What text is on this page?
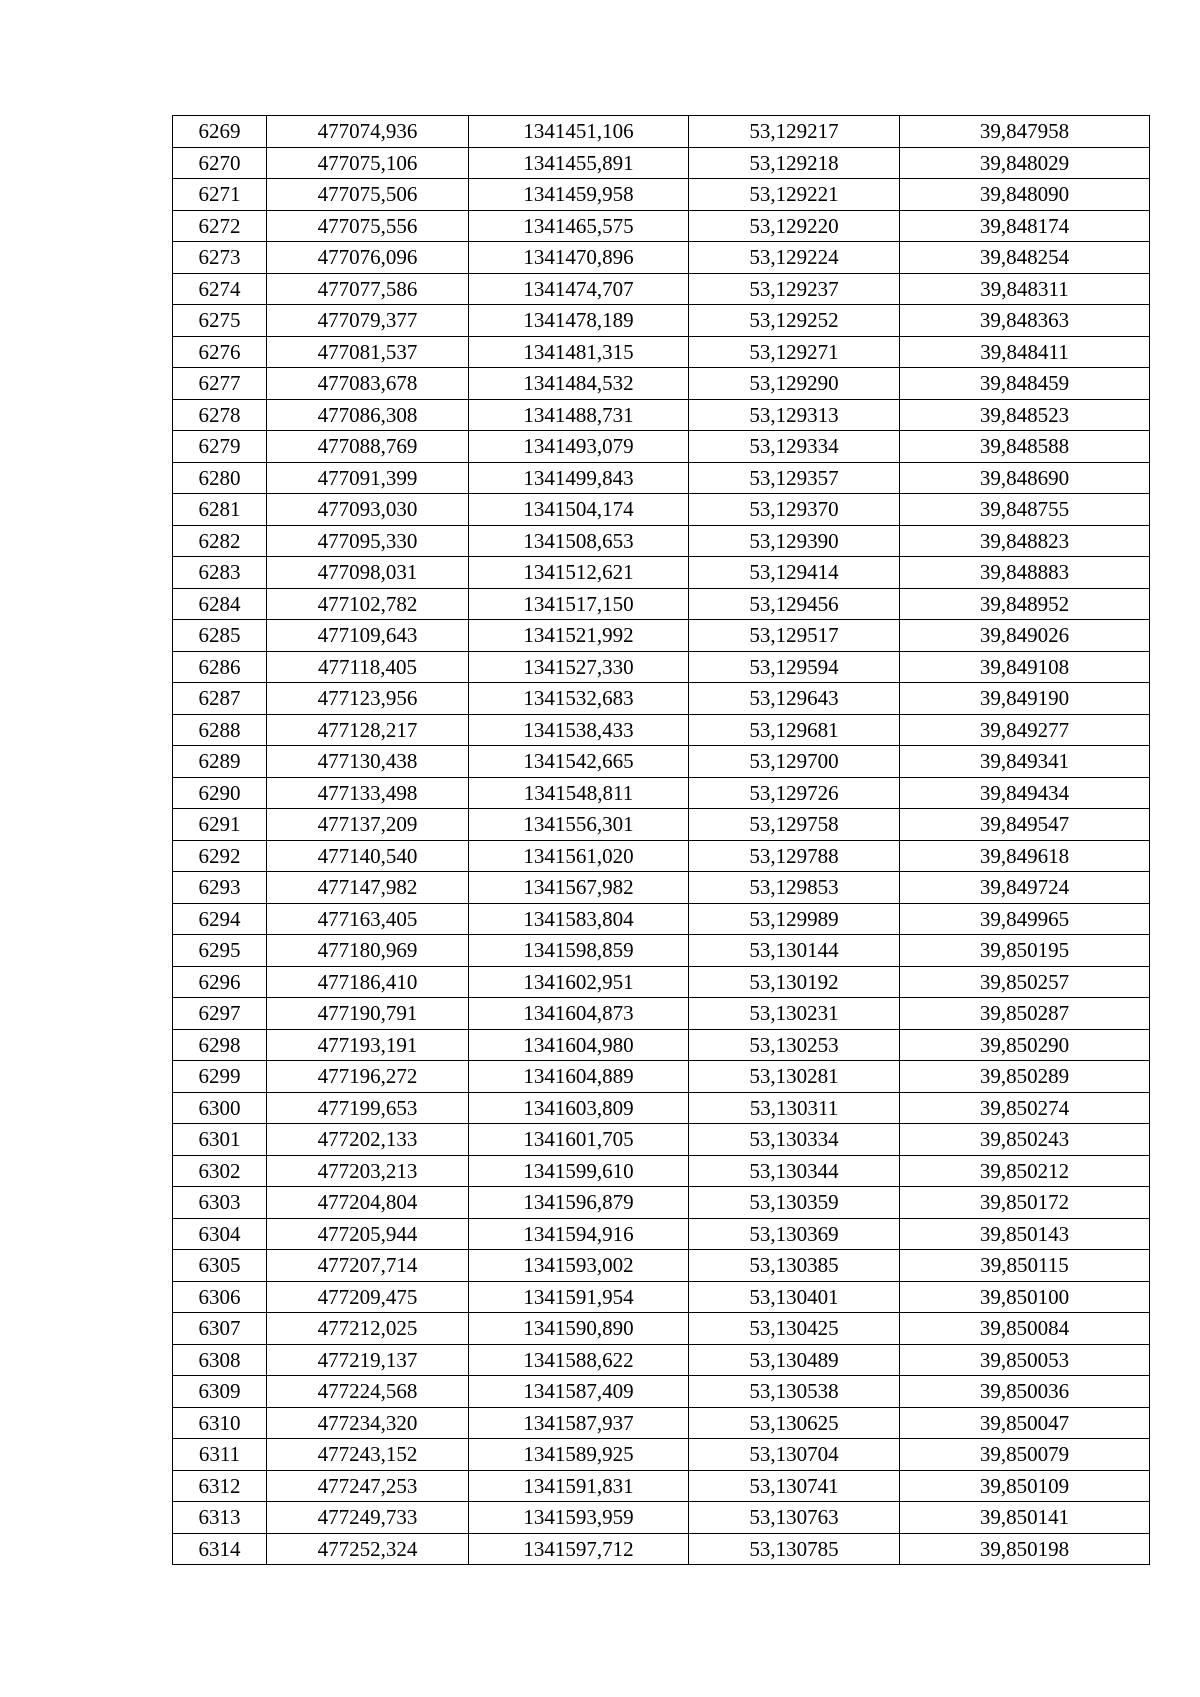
6269	477074,936	1341451,106	53,129217	39,847958
6270	477075,106	1341455,891	53,129218	39,848029
6271	477075,506	1341459,958	53,129221	39,848090
6272	477075,556	1341465,575	53,129220	39,848174
6273	477076,096	1341470,896	53,129224	39,848254
6274	477077,586	1341474,707	53,129237	39,848311
6275	477079,377	1341478,189	53,129252	39,848363
6276	477081,537	1341481,315	53,129271	39,848411
6277	477083,678	1341484,532	53,129290	39,848459
6278	477086,308	1341488,731	53,129313	39,848523
6279	477088,769	1341493,079	53,129334	39,848588
6280	477091,399	1341499,843	53,129357	39,848690
6281	477093,030	1341504,174	53,129370	39,848755
6282	477095,330	1341508,653	53,129390	39,848823
6283	477098,031	1341512,621	53,129414	39,848883
6284	477102,782	1341517,150	53,129456	39,848952
6285	477109,643	1341521,992	53,129517	39,849026
6286	477118,405	1341527,330	53,129594	39,849108
6287	477123,956	1341532,683	53,129643	39,849190
6288	477128,217	1341538,433	53,129681	39,849277
6289	477130,438	1341542,665	53,129700	39,849341
6290	477133,498	1341548,811	53,129726	39,849434
6291	477137,209	1341556,301	53,129758	39,849547
6292	477140,540	1341561,020	53,129788	39,849618
6293	477147,982	1341567,982	53,129853	39,849724
6294	477163,405	1341583,804	53,129989	39,849965
6295	477180,969	1341598,859	53,130144	39,850195
6296	477186,410	1341602,951	53,130192	39,850257
6297	477190,791	1341604,873	53,130231	39,850287
6298	477193,191	1341604,980	53,130253	39,850290
6299	477196,272	1341604,889	53,130281	39,850289
6300	477199,653	1341603,809	53,130311	39,850274
6301	477202,133	1341601,705	53,130334	39,850243
6302	477203,213	1341599,610	53,130344	39,850212
6303	477204,804	1341596,879	53,130359	39,850172
6304	477205,944	1341594,916	53,130369	39,850143
6305	477207,714	1341593,002	53,130385	39,850115
6306	477209,475	1341591,954	53,130401	39,850100
6307	477212,025	1341590,890	53,130425	39,850084
6308	477219,137	1341588,622	53,130489	39,850053
6309	477224,568	1341587,409	53,130538	39,850036
6310	477234,320	1341587,937	53,130625	39,850047
6311	477243,152	1341589,925	53,130704	39,850079
6312	477247,253	1341591,831	53,130741	39,850109
6313	477249,733	1341593,959	53,130763	39,850141
6314	477252,324	1341597,712	53,130785	39,850198
